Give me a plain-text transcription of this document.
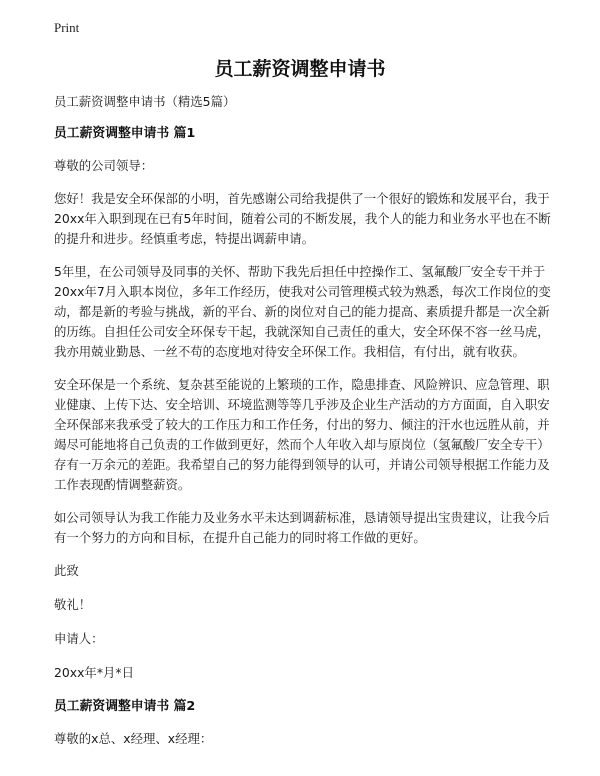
Print
员工薪资调整申请书

员工薪资调整申请书（精选5篇）

员工薪资调整申请书 篇1

尊敬的公司领导：

您好！我是安全环保部的小明，首先感谢公司给我提供了一个很好的锻炼和发展平台，我于20xx年入职到现在已有5年时间，随着公司的不断发展，我个人的能力和业务水平也在不断的提升和进步。经慎重考虑，特提出调薪申请。

5年里，在公司领导及同事的关怀、帮助下我先后担任中控操作工、氢氟酸厂安全专干并于20xx年7月入职本岗位，多年工作经历，使我对公司管理模式较为熟悉，每次工作岗位的变动，都是新的考验与挑战，新的平台、新的岗位对自己的能力提高、素质提升都是一次全新的历练。自担任公司安全环保专干起，我就深知自己责任的重大，安全环保不容一丝马虎，我亦用兢业勤恳、一丝不苟的态度地对待安全环保工作。我相信，有付出，就有收获。

安全环保是一个系统、复杂甚至能说的上繁琐的工作，隐患排查、风险辨识、应急管理、职业健康、上传下达、安全培训、环境监测等等几乎涉及企业生产活动的方方面面，自入职安全环保部来我承受了较大的工作压力和工作任务，付出的努力、倾注的汗水也远胜从前，并竭尽可能地将自己负责的工作做到更好，然而个人年收入却与原岗位（氢氟酸厂安全专干）存有一万余元的差距。我希望自己的努力能得到领导的认可，并请公司领导根据工作能力及工作表现酌情调整薪资。

如公司领导认为我工作能力及业务水平未达到调薪标准，恳请领导提出宝贵建议，让我今后有一个努力的方向和目标，在提升自己能力的同时将工作做的更好。

此致

敬礼！

申请人：

20xx年*月*日

员工薪资调整申请书 篇2

尊敬的x总、x经理、x经理：
